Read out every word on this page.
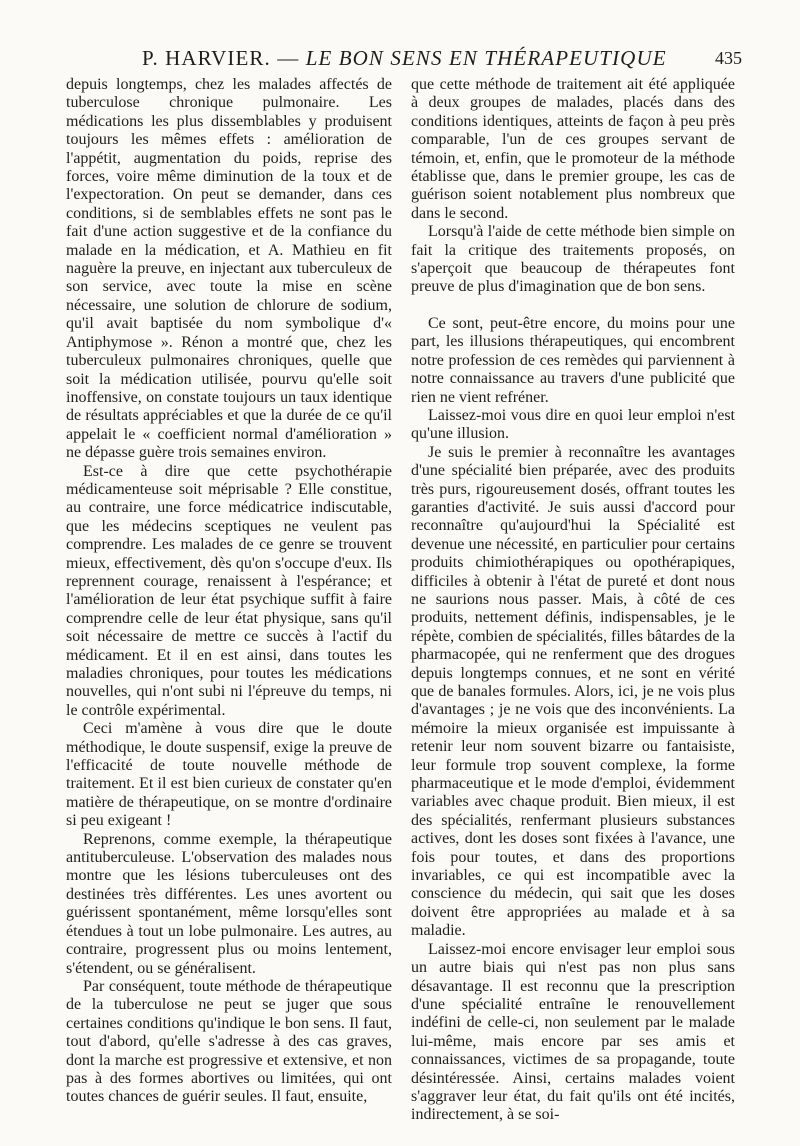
P. HARVIER. — LE BON SENS EN THÉRAPEUTIQUE	435

depuis longtemps, chez les malades affectés de tuberculose chronique pulmonaire. Les médications les plus dissemblables y produisent toujours les mêmes effets : amélioration de l'appétit, augmentation du poids, reprise des forces, voire même diminution de la toux et de l'expectoration. On peut se demander, dans ces conditions, si de semblables effets ne sont pas le fait d'une action suggestive et de la confiance du malade en la médication, et A. Mathieu en fit naguère la preuve, en injectant aux tuberculeux de son service, avec toute la mise en scène nécessaire, une solution de chlorure de sodium, qu'il avait baptisée du nom symbolique d'« Antiphymose ». Rénon a montré que, chez les tuberculeux pulmonaires chroniques, quelle que soit la médication utilisée, pourvu qu'elle soit inoffensive, on constate toujours un taux identique de résultats appréciables et que la durée de ce qu'il appelait le « coefficient normal d'amélioration » ne dépasse guère trois semaines environ.

Est-ce à dire que cette psychothérapie médicamenteuse soit méprisable ? Elle constitue, au contraire, une force médicatrice indiscutable, que les médecins sceptiques ne veulent pas comprendre. Les malades de ce genre se trouvent mieux, effectivement, dès qu'on s'occupe d'eux. Ils reprennent courage, renaissent à l'espérance; et l'amélioration de leur état psychique suffit à faire comprendre celle de leur état physique, sans qu'il soit nécessaire de mettre ce succès à l'actif du médicament. Et il en est ainsi, dans toutes les maladies chroniques, pour toutes les médications nouvelles, qui n'ont subi ni l'épreuve du temps, ni le contrôle expérimental.

Ceci m'amène à vous dire que le doute méthodique, le doute suspensif, exige la preuve de l'efficacité de toute nouvelle méthode de traitement. Et il est bien curieux de constater qu'en matière de thérapeutique, on se montre d'ordinaire si peu exigeant !

Reprenons, comme exemple, la thérapeutique antituberculeuse. L'observation des malades nous montre que les lésions tuberculeuses ont des destinées très différentes. Les unes avortent ou guérissent spontanément, même lorsqu'elles sont étendues à tout un lobe pulmonaire. Les autres, au contraire, progressent plus ou moins lentement, s'étendent, ou se généralisent.

Par conséquent, toute méthode de thérapeutique de la tuberculose ne peut se juger que sous certaines conditions qu'indique le bon sens. Il faut, tout d'abord, qu'elle s'adresse à des cas graves, dont la marche est progressive et extensive, et non pas à des formes abortives ou limitées, qui ont toutes chances de guérir seules. Il faut, ensuite,

que cette méthode de traitement ait été appliquée à deux groupes de malades, placés dans des conditions identiques, atteints de façon à peu près comparable, l'un de ces groupes servant de témoin, et, enfin, que le promoteur de la méthode établisse que, dans le premier groupe, les cas de guérison soient notablement plus nombreux que dans le second.

Lorsqu'à l'aide de cette méthode bien simple on fait la critique des traitements proposés, on s'aperçoit que beaucoup de thérapeutes font preuve de plus d'imagination que de bon sens.

Ce sont, peut-être encore, du moins pour une part, les illusions thérapeutiques, qui encombrent notre profession de ces remèdes qui parviennent à notre connaissance au travers d'une publicité que rien ne vient refréner.

Laissez-moi vous dire en quoi leur emploi n'est qu'une illusion.

Je suis le premier à reconnaître les avantages d'une spécialité bien préparée, avec des produits très purs, rigoureusement dosés, offrant toutes les garanties d'activité. Je suis aussi d'accord pour reconnaître qu'aujourd'hui la Spécialité est devenue une nécessité, en particulier pour certains produits chimiothérapiques ou opothérapiques, difficiles à obtenir à l'état de pureté et dont nous ne saurions nous passer. Mais, à côté de ces produits, nettement définis, indispensables, je le répète, combien de spécialités, filles bâtardes de la pharmacopée, qui ne renferment que des drogues depuis longtemps connues, et ne sont en vérité que de banales formules. Alors, ici, je ne vois plus d'avantages ; je ne vois que des inconvénients. La mémoire la mieux organisée est impuissante à retenir leur nom souvent bizarre ou fantaisiste, leur formule trop souvent complexe, la forme pharmaceutique et le mode d'emploi, évidemment variables avec chaque produit. Bien mieux, il est des spécialités, renfermant plusieurs substances actives, dont les doses sont fixées à l'avance, une fois pour toutes, et dans des proportions invariables, ce qui est incompatible avec la conscience du médecin, qui sait que les doses doivent être appropriées au malade et à sa maladie.

Laissez-moi encore envisager leur emploi sous un autre biais qui n'est pas non plus sans désavantage. Il est reconnu que la prescription d'une spécialité entraîne le renouvellement indéfini de celle-ci, non seulement par le malade lui-même, mais encore par ses amis et connaissances, victimes de sa propagande, toute désintéressée. Ainsi, certains malades voient s'aggraver leur état, du fait qu'ils ont été incités, indirectement, à se soi-
